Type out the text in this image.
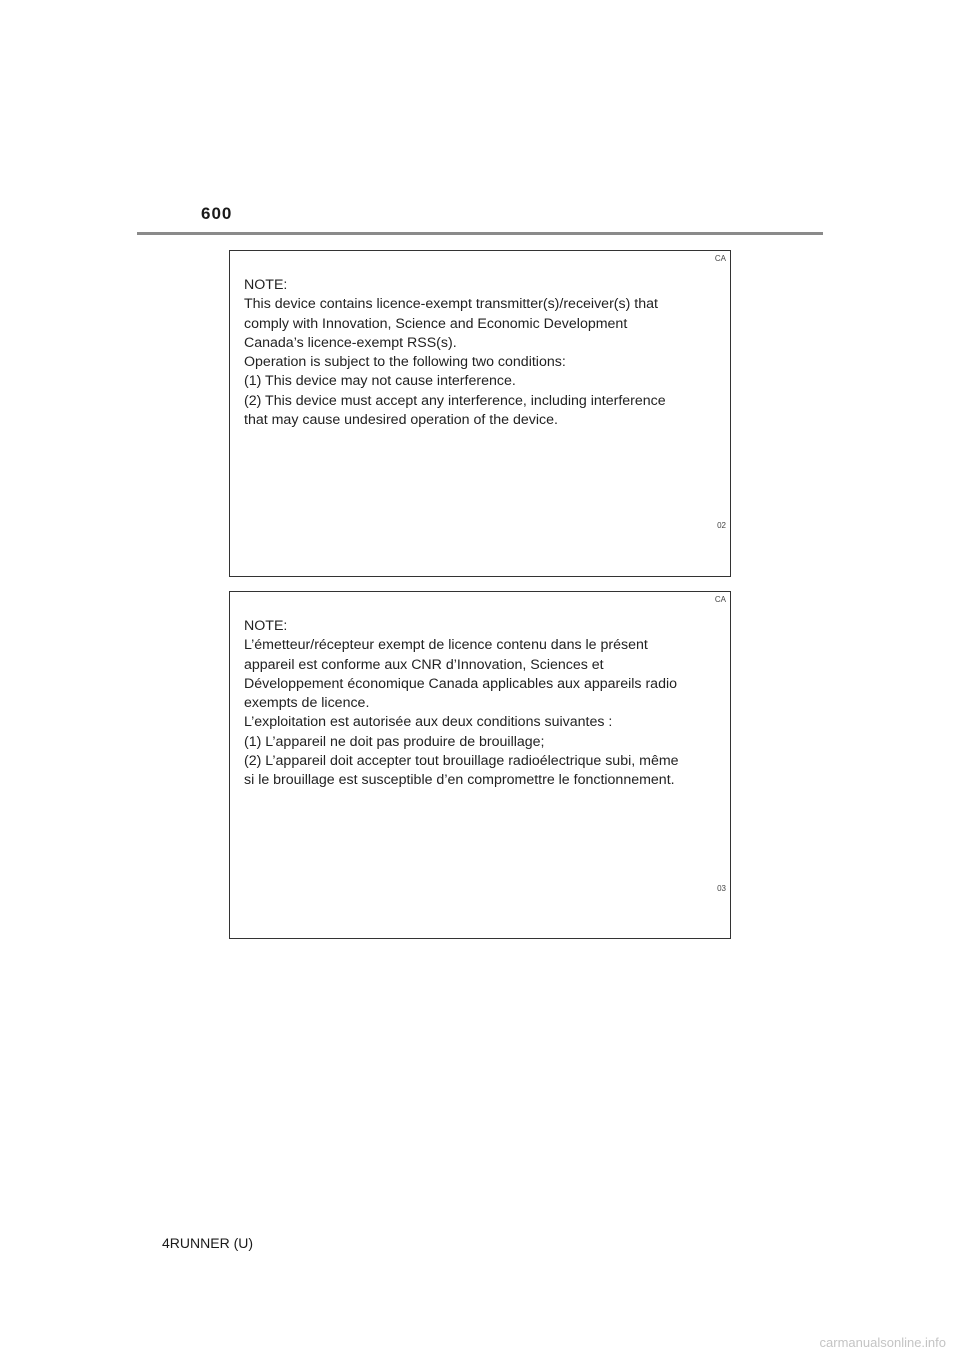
600
CA

NOTE:

This device contains licence-exempt transmitter(s)/receiver(s) that

comply with Innovation, Science and Economic Development

Canada’s licence-exempt RSS(s).

Operation is subject to the following two conditions:

(1) This device may not cause interference.

(2) This device must accept any interference, including interference

that may cause undesired operation of the device.

02
CA

NOTE:

L’émetteur/récepteur exempt de licence contenu dans le présent

appareil est conforme aux CNR d’Innovation, Sciences et

Développement économique Canada applicables aux appareils radio

exempts de licence.

L’exploitation est autorisée aux deux conditions suivantes :

(1) L’appareil ne doit pas produire de brouillage;

(2) L’appareil doit accepter tout brouillage radioélectrique subi, même

si le brouillage est susceptible d’en compromettre le fonctionnement.

03
4RUNNER (U)
carmanualsonline.info
